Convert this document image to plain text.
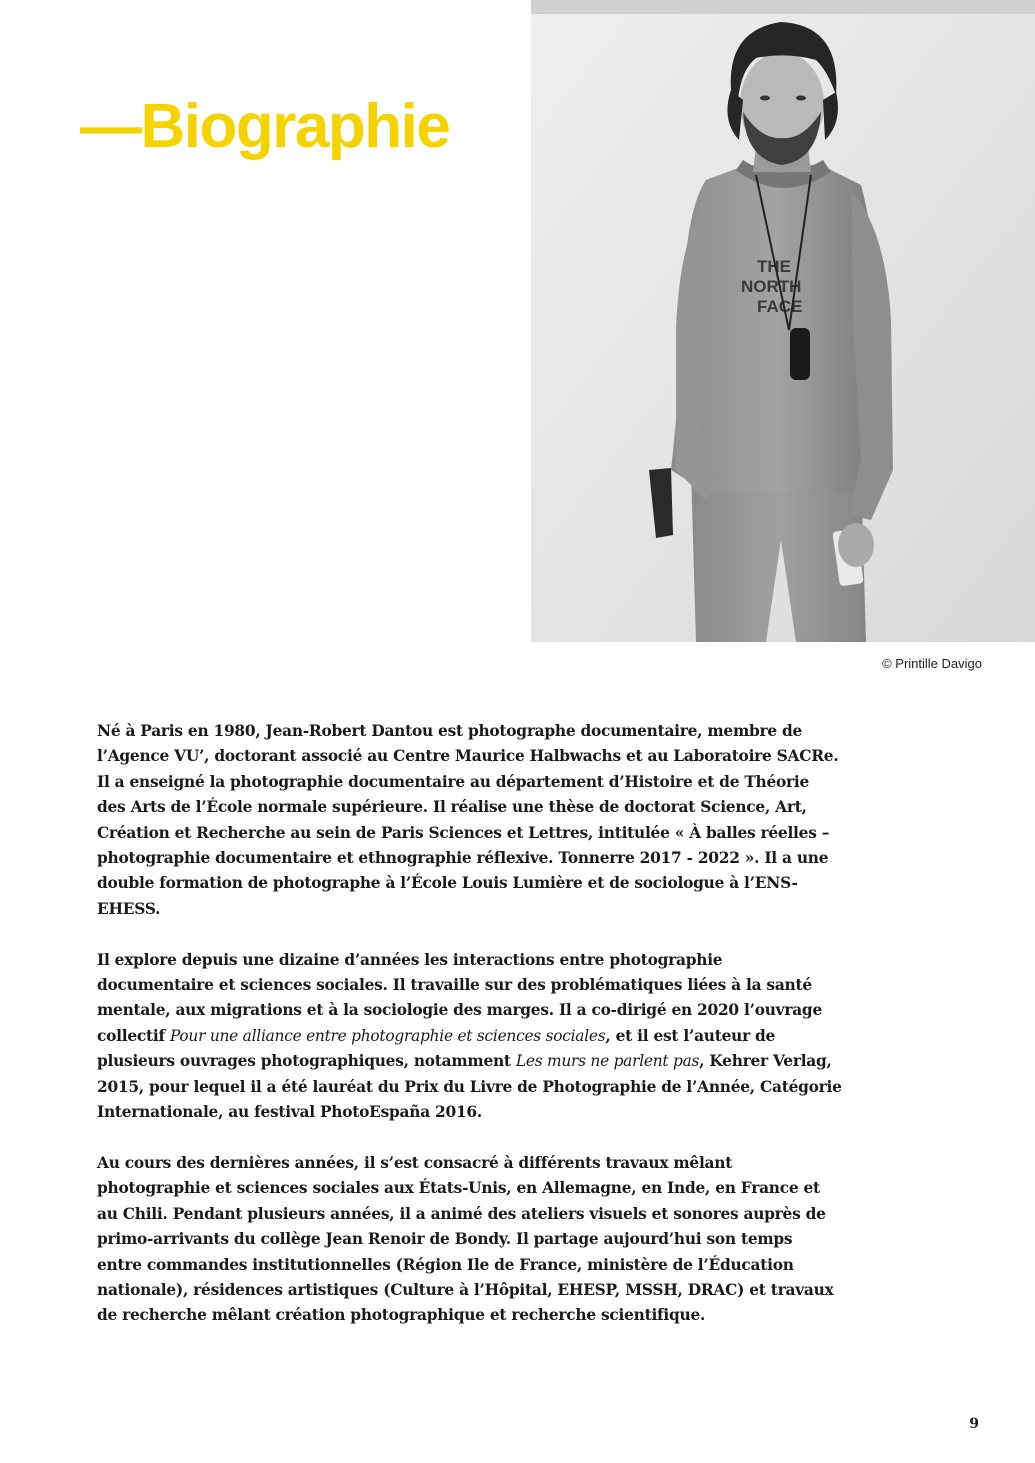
—Biographie
THE
NORTH
FACE
© Printille Davigo

Né à Paris en 1980, Jean-Robert Dantou est photographe documentaire, membre de l’Agence VU’, doctorant associé au Centre Maurice Halbwachs et au Laboratoire SACRe. Il a enseigné la photographie documentaire au département d’Histoire et de Théorie des Arts de l’École normale supérieure. Il réalise une thèse de doctorat Science, Art, Création et Recherche au sein de Paris Sciences et Lettres, intitulée « À balles réelles – photographie documentaire et ethnographie réflexive. Tonnerre 2017 - 2022 ». Il a une double formation de photographe à l’École Louis Lumière et de sociologue à l’ENS-EHESS.

Il explore depuis une dizaine d’années les interactions entre photographie documentaire et sciences sociales. Il travaille sur des problématiques liées à la santé mentale, aux migrations et à la sociologie des marges. Il a co-dirigé en 2020 l’ouvrage collectif Pour une alliance entre photographie et sciences sociales, et il est l’auteur de plusieurs ouvrages photographiques, notamment Les murs ne parlent pas, Kehrer Verlag, 2015, pour lequel il a été lauréat du Prix du Livre de Photographie de l’Année, Catégorie Internationale, au festival PhotoEspaña 2016.

Au cours des dernières années, il s’est consacré à différents travaux mêlant photographie et sciences sociales aux États-Unis, en Allemagne, en Inde, en France et au Chili. Pendant plusieurs années, il a animé des ateliers visuels et sonores auprès de primo-arrivants du collège Jean Renoir de Bondy. Il partage aujourd’hui son temps entre commandes institutionnelles (Région Ile de France, ministère de l’Éducation nationale), résidences artistiques (Culture à l’Hôpital, EHESP, MSSH, DRAC) et travaux de recherche mêlant création photographique et recherche scientifique.

9
